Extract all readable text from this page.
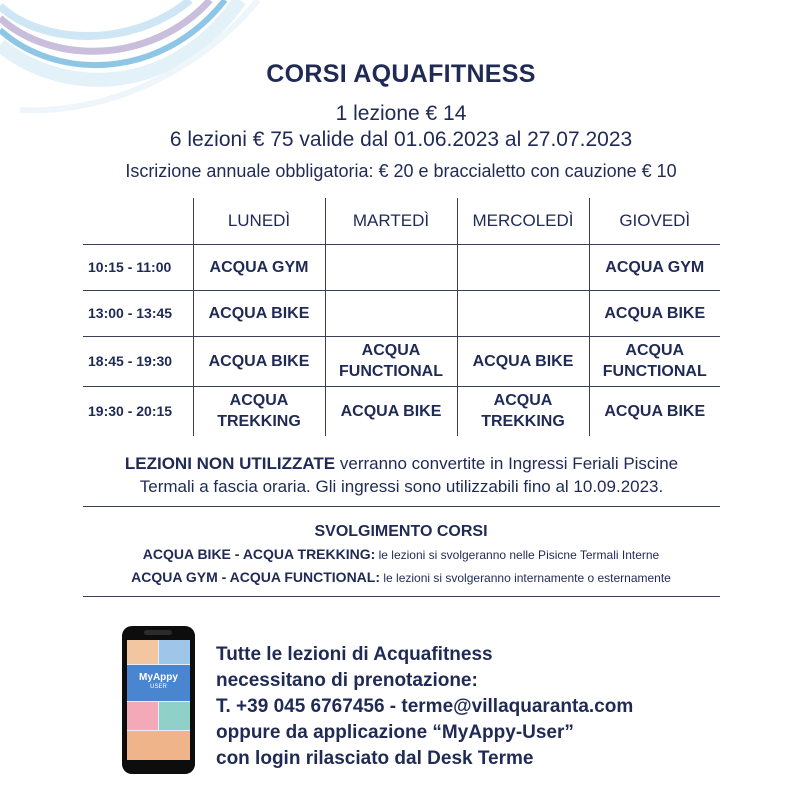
CORSI AQUAFITNESS
1 lezione € 14
6 lezioni € 75 valide dal 01.06.2023 al 27.07.2023
Iscrizione annuale obbligatoria: € 20 e braccialetto con cauzione € 10
	LUNEDÌ	MARTEDÌ	MERCOLEDÌ	GIOVEDÌ
10:15 - 11:00	ACQUA GYM			ACQUA GYM
13:00 - 13:45	ACQUA BIKE			ACQUA BIKE
18:45 - 19:30	ACQUA BIKE	ACQUA FUNCTIONAL	ACQUA BIKE	ACQUA FUNCTIONAL
19:30 - 20:15	ACQUA TREKKING	ACQUA BIKE	ACQUA TREKKING	ACQUA BIKE
LEZIONI NON UTILIZZATE verranno convertite in Ingressi Feriali Piscine
Termali a fascia oraria. Gli ingressi sono utilizzabili fino al 10.09.2023.
SVOLGIMENTO CORSI
ACQUA BIKE - ACQUA TREKKING: le lezioni si svolgeranno nelle Pisicne Termali Interne
ACQUA GYM - ACQUA FUNCTIONAL: le lezioni si svolgeranno internamente o esternamente
MyAppy
USER
Tutte le lezioni di Acquafitness
necessitano di prenotazione:
T. +39 045 6767456 - terme@villaquaranta.com
oppure da applicazione “MyAppy-User”
con login rilasciato dal Desk Terme
